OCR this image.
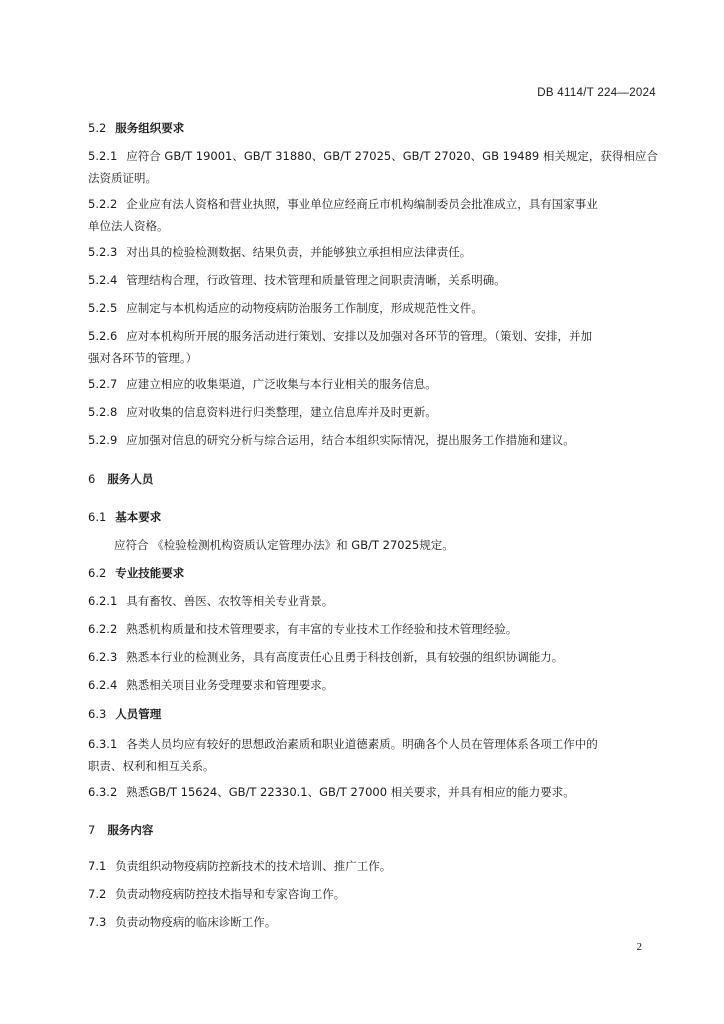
DB 4114/T 224—2024
5.2 服务组织要求
5.2.1 应符合 GB/T 19001、GB/T 31880、GB/T 27025、GB/T 27020、GB 19489 相关规定，获得相应合
法资质证明。
5.2.2 企业应有法人资格和营业执照，事业单位应经商丘市机构编制委员会批准成立，具有国家事业
单位法人资格。
5.2.3 对出具的检验检测数据、结果负责，并能够独立承担相应法律责任。
5.2.4 管理结构合理，行政管理、技术管理和质量管理之间职责清晰，关系明确。
5.2.5 应制定与本机构适应的动物疫病防治服务工作制度，形成规范性文件。
5.2.6 应对本机构所开展的服务活动进行策划、安排以及加强对各环节的管理。（策划、安排，并加
强对各环节的管理。）
5.2.7 应建立相应的收集渠道，广泛收集与本行业相关的服务信息。
5.2.8 应对收集的信息资料进行归类整理，建立信息库并及时更新。
5.2.9 应加强对信息的研究分析与综合运用，结合本组织实际情况，提出服务工作措施和建议。
6 服务人员
6.1 基本要求
应符合 《检验检测机构资质认定管理办法》和 GB/T 27025规定。
6.2 专业技能要求
6.2.1 具有畜牧、兽医、农牧等相关专业背景。
6.2.2 熟悉机构质量和技术管理要求，有丰富的专业技术工作经验和技术管理经验。
6.2.3 熟悉本行业的检测业务，具有高度责任心且勇于科技创新，具有较强的组织协调能力。
6.2.4 熟悉相关项目业务受理要求和管理要求。
6.3 人员管理
6.3.1 各类人员均应有较好的思想政治素质和职业道德素质。明确各个人员在管理体系各项工作中的
职责、权利和相互关系。
6.3.2 熟悉GB/T 15624、GB/T 22330.1、GB/T 27000 相关要求，并具有相应的能力要求。
7 服务内容
7.1 负责组织动物疫病防控新技术的技术培训、推广工作。
7.2 负责动物疫病防控技术指导和专家咨询工作。
7.3 负责动物疫病的临床诊断工作。
2
